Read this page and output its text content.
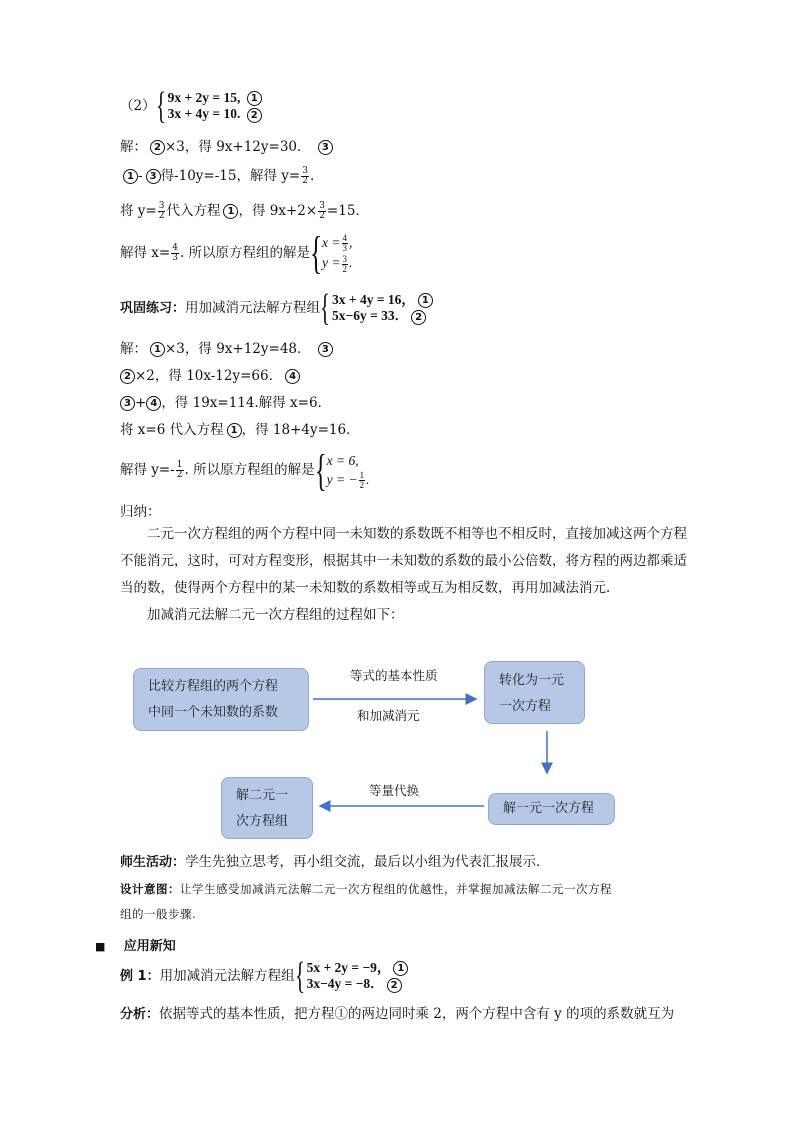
（2）{ 9x + 2y = 15, 1
3x + 4y = 10. 2
解： 2 ×3，得 9x+12y=30． 3
1 - 3 得-10y=-15，解得 $y= \frac{3}{2}$ .
将 $y= \frac{3}{2}$ 代入方程 1 ，得 $9x+2\times \frac{3}{2} =15$．
解得 $x= \frac{4}{3}$ . 所以原方程组的解是{$x = \frac{4}{3}$ ,
$y = \frac{3}{2}$ .
巩固练习：用加减消元法解方程组{ 3x + 4y = 16， 1
5x−6y = 33． 2
解： 1 ×3，得 9x+12y=48． 3
2 ×2，得 10x-12y=66． 4
3 + 4 ，得 19x=114.解得 x=6．
将 x=6 代入方程 1 ，得 18+4y=16．
解得 $y=- \frac{1}{2}$ . 所以原方程组的解是{x = 6,
y = − $\frac{1}{2}$ .
归纳：
二元一次方程组的两个方程中同一未知数的系数既不相等也不相反时，直接加减这两个方程不能消元，这时，可对方程变形，根据其中一未知数的系数的最小公倍数，将方程的两边都乘适当的数，使得两个方程中的某一未知数的系数相等或互为相反数，再用加减法消元．
加减消元法解二元一次方程组的过程如下：
比较方程组的两个方程
中同一个未知数的系数
等式的基本性质
和加减消元
转化为一元
一次方程
解一元一次方程
等量代换
解二元一
次方程组
师生活动：学生先独立思考，再小组交流，最后以小组为代表汇报展示．
设计意图：让学生感受加减消元法解二元一次方程组的优越性，并掌握加减法解二元一次方程
组的一般步骤.
■ 应用新知
例 1：用加减消元法解方程组{ 5x + 2y = −9， 1
3x−4y = −8． 2
分析：依据等式的基本性质，把方程①的两边同时乘 2，两个方程中含有 y 的项的系数就互为
